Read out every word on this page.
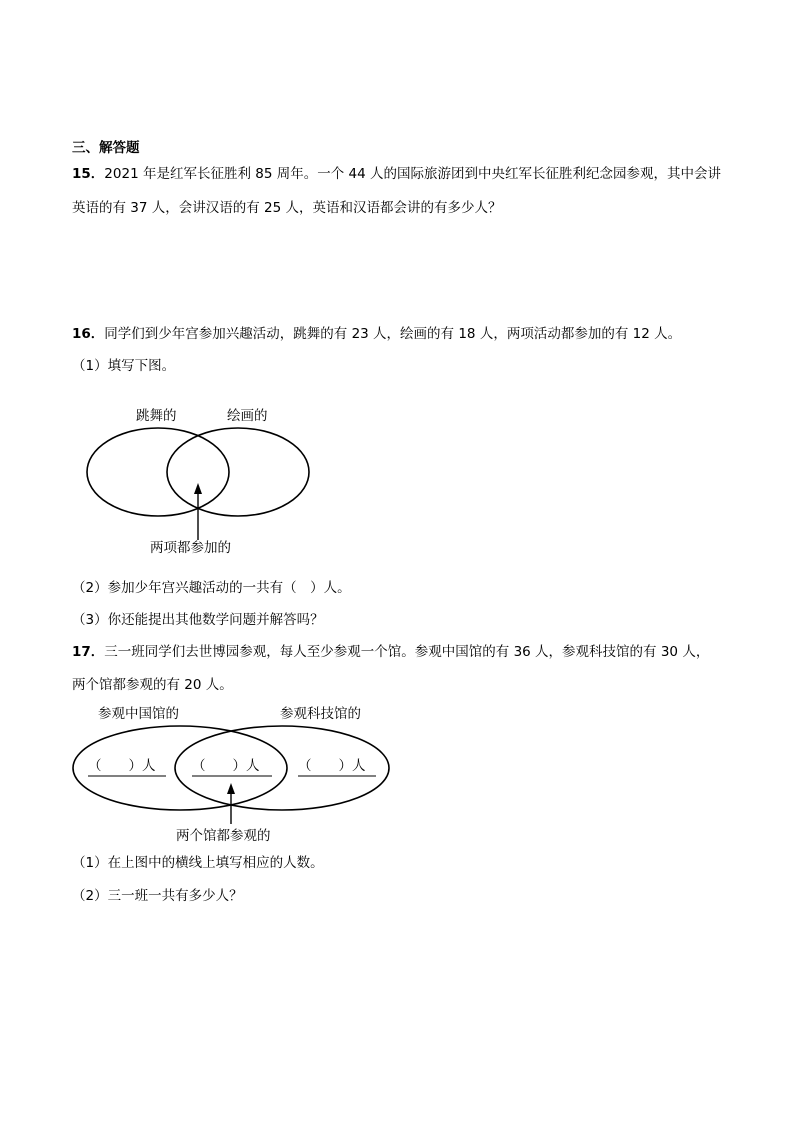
三、解答题
15．2021 年是红军长征胜利 85 周年。一个 44 人的国际旅游团到中央红军长征胜利纪念园参观，其中会讲
英语的有 37 人，会讲汉语的有 25 人，英语和汉语都会讲的有多少人？
16．同学们到少年宫参加兴趣活动，跳舞的有 23 人，绘画的有 18 人，两项活动都参加的有 12 人。
（1）填写下图。
跳舞的	绘画的
两项都参加的
（2）参加少年宫兴趣活动的一共有（　）人。
（3）你还能提出其他数学问题并解答吗？
17．三一班同学们去世博园参观，每人至少参观一个馆。参观中国馆的有 36 人，参观科技馆的有 30 人，
两个馆都参观的有 20 人。
参观中国馆的	参观科技馆的
（　　）人	（　　）人	（　　）人
两个馆都参观的
（1）在上图中的横线上填写相应的人数。
（2）三一班一共有多少人？
